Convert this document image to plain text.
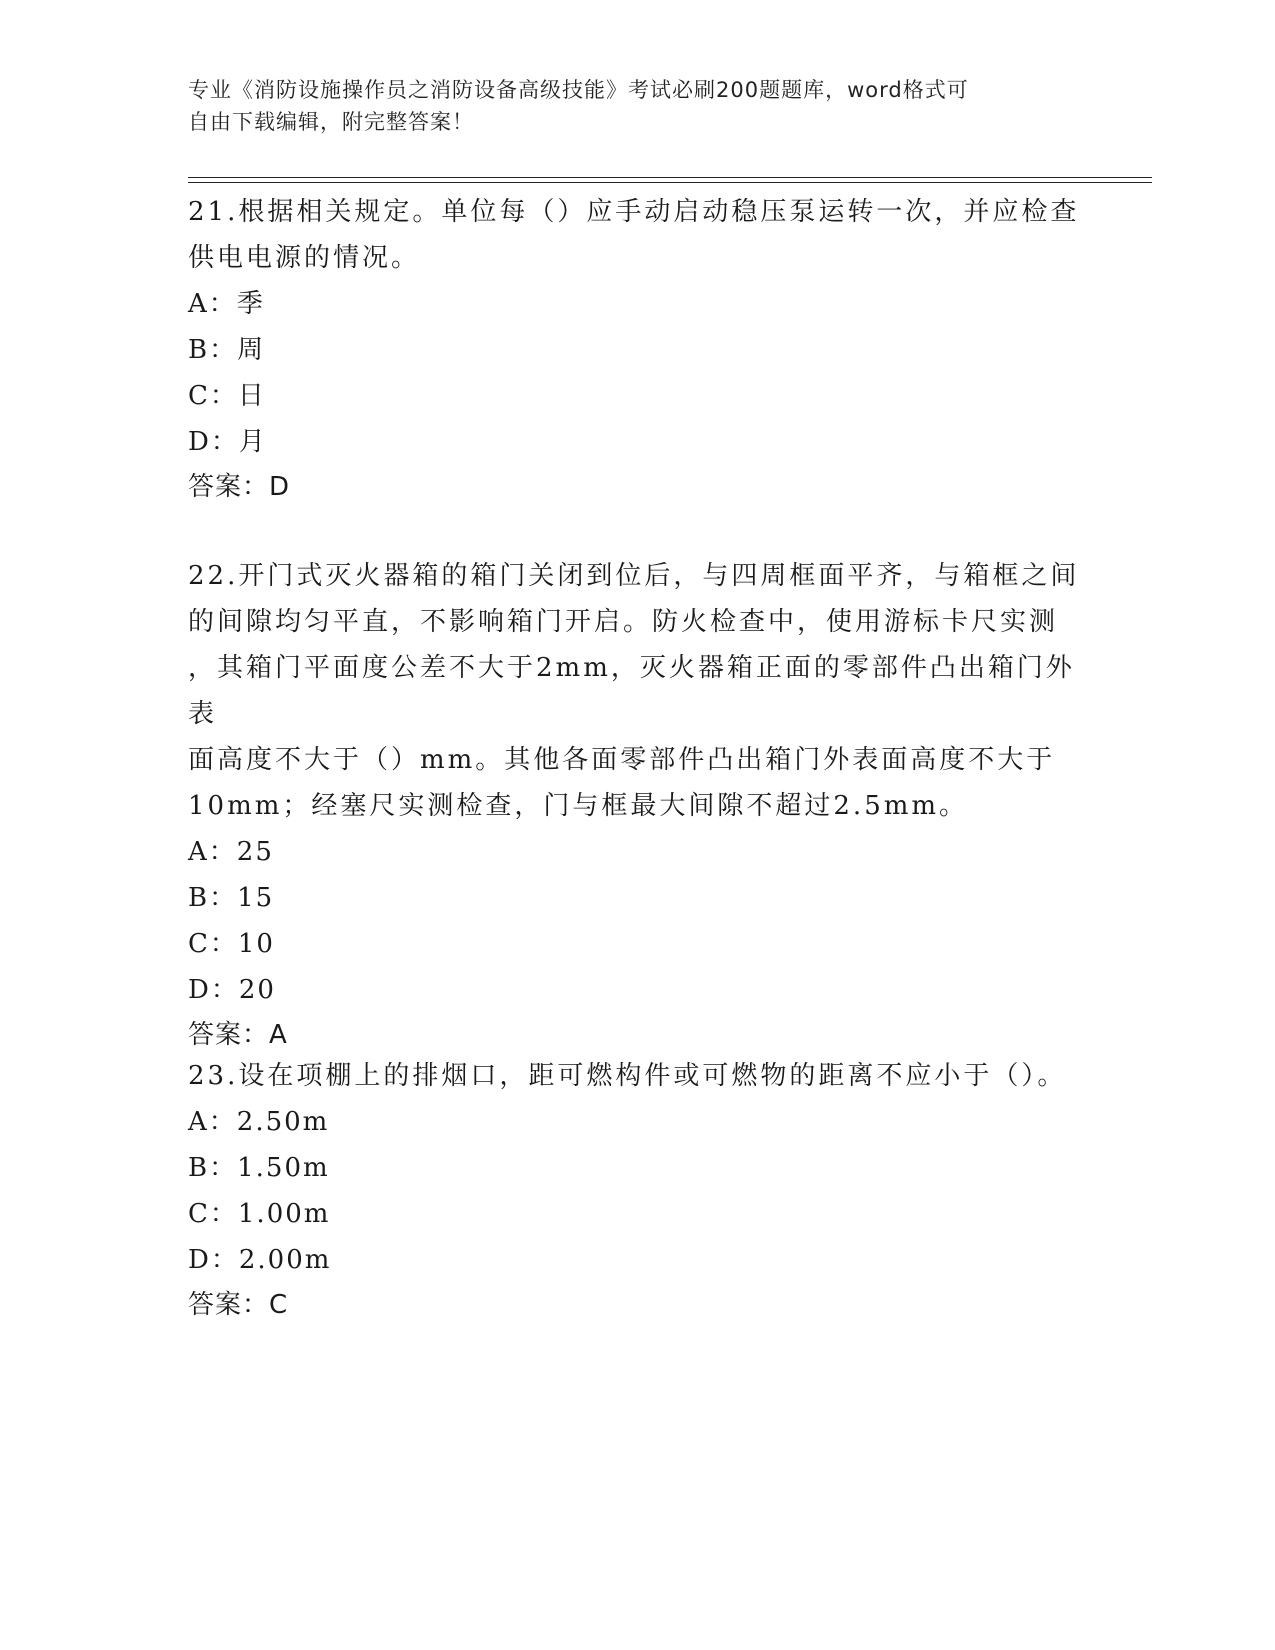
专业《消防设施操作员之消防设备高级技能》考试必刷200题题库，word格式可
自由下载编辑，附完整答案！

21.根据相关规定。单位每（）应手动启动稳压泵运转一次，并应检查

供电电源的情况。

A：季

B：周

C：日

D：月

答案：D

22.开门式灭火器箱的箱门关闭到位后，与四周框面平齐，与箱框之间

的间隙均匀平直，不影响箱门开启。防火检查中，使用游标卡尺实测

，其箱门平面度公差不大于2mm，灭火器箱正面的零部件凸出箱门外表

面高度不大于（）mm。其他各面零部件凸出箱门外表面高度不大于

10mm；经塞尺实测检查，门与框最大间隙不超过2.5mm。

A：25

B：15

C：10

D：20

答案：A

23.设在项棚上的排烟口，距可燃构件或可燃物的距离不应小于（）。

A：2.50m

B：1.50m

C：1.00m

D：2.00m

答案：C
